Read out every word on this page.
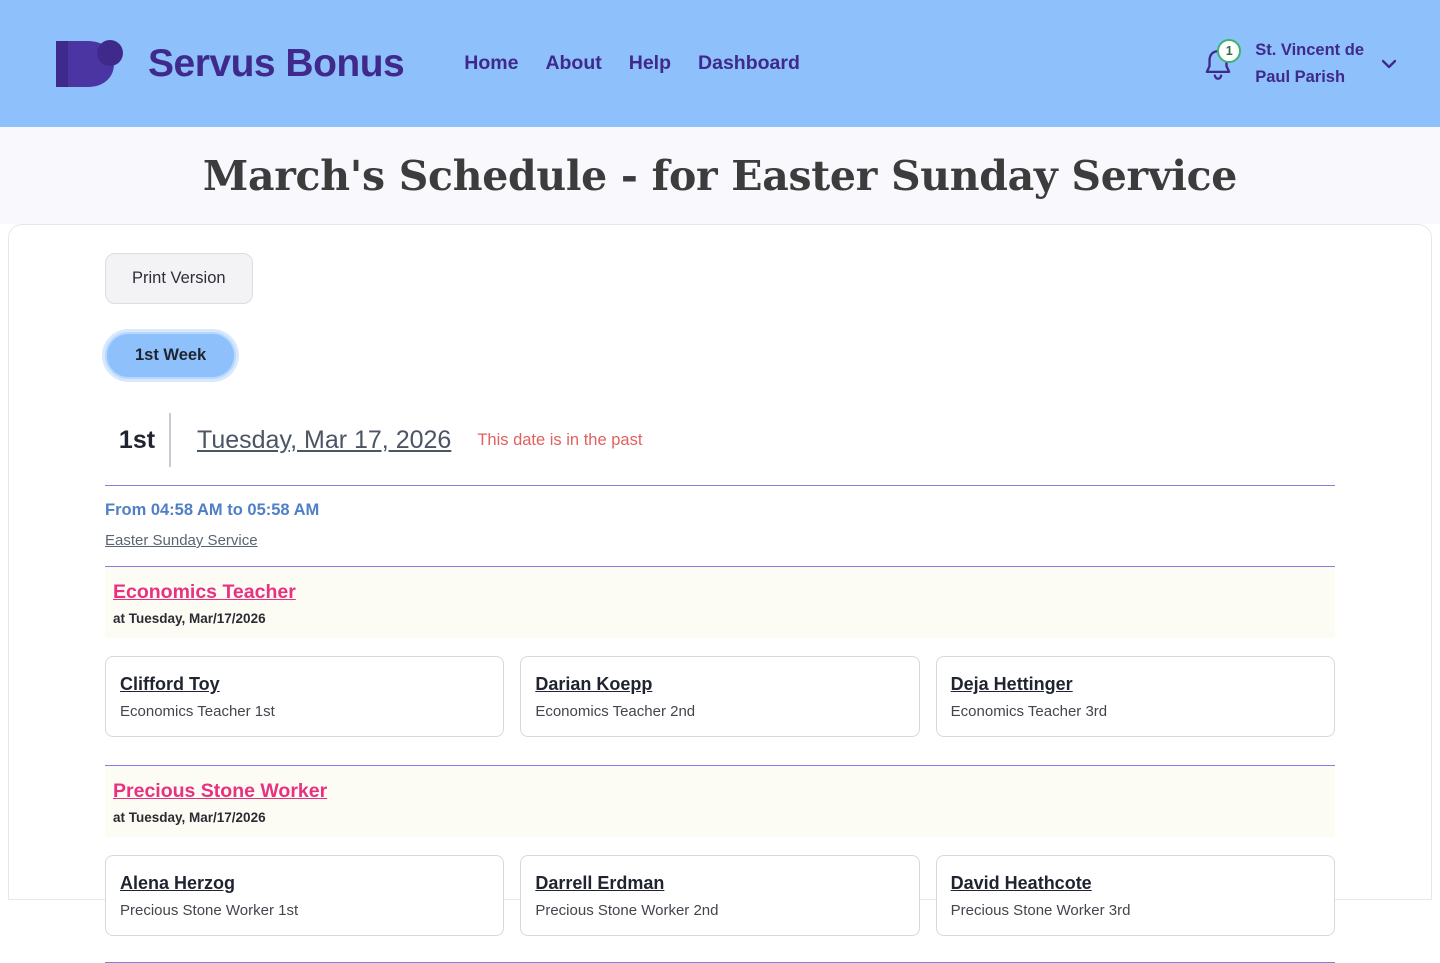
Servus Bonus	Home About Help Dashboard
1	St. Vincent de
Paul Parish
March's Schedule - for Easter Sunday Service
Print Version
1st Week
1st	Tuesday, Mar 17, 2026 This date is in the past
From 04:58 AM to 05:58 AM
Easter Sunday Service
Economics Teacher
at Tuesday, Mar/17/2026
Clifford Toy
Economics Teacher 1st
Darian Koepp
Economics Teacher 2nd
Deja Hettinger
Economics Teacher 3rd
Precious Stone Worker
at Tuesday, Mar/17/2026
Alena Herzog
Precious Stone Worker 1st
Darrell Erdman
Precious Stone Worker 2nd
David Heathcote
Precious Stone Worker 3rd
